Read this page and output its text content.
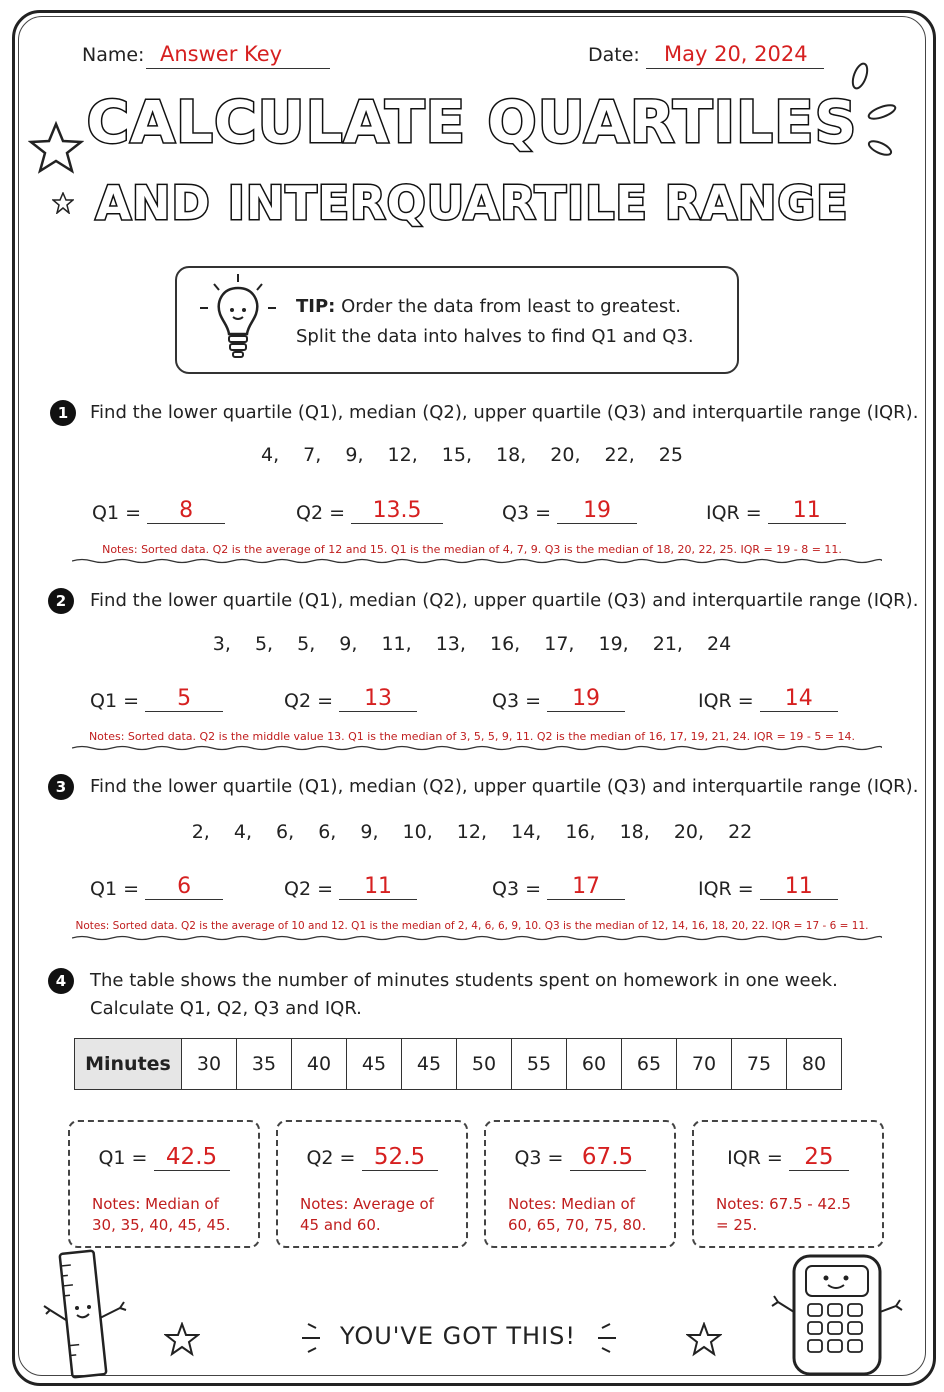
Name: Answer Key	Date:	May 20, 2024
CALCULATE QUARTILES
AND INTERQUARTILE RANGE
TIP: Order the data from least to greatest.
Split the data into halves to find Q1 and Q3.
1	Find the lower quartile (Q1), median (Q2), upper quartile (Q3) and interquartile range (IQR).
4, 7, 9, 12, 15, 18, 20, 22, 25
Q1 = 8	Q2 = 13.5	Q3 = 19	IQR = 11
Notes: Sorted data. Q2 is the average of 12 and 15. Q1 is the median of 4, 7, 9. Q3 is the median of 18, 20, 22, 25. IQR = 19 - 8 = 11.
2	Find the lower quartile (Q1), median (Q2), upper quartile (Q3) and interquartile range (IQR).
3, 5, 5, 9, 11, 13, 16, 17, 19, 21, 24
Q1 = 5	Q2 = 13	Q3 = 19	IQR = 14
Notes: Sorted data. Q2 is the middle value 13. Q1 is the median of 3, 5, 5, 9, 11. Q2 is the median of 16, 17, 19, 21, 24. IQR = 19 - 5 = 14.
3	Find the lower quartile (Q1), median (Q2), upper quartile (Q3) and interquartile range (IQR).
2, 4, 6, 6, 9, 10, 12, 14, 16, 18, 20, 22
Q1 = 6	Q2 = 11	Q3 = 17	IQR = 11
Notes: Sorted data. Q2 is the average of 10 and 12. Q1 is the median of 2, 4, 6, 6, 9, 10. Q3 is the median of 12, 14, 16, 18, 20, 22. IQR = 17 - 6 = 11.
4	The table shows the number of minutes students spent on homework in one week.
Calculate Q1, Q2, Q3 and IQR.
Minutes	30	35	40	45	45	50	55	60	65	70	75	80
Q1 = 42.5
Notes: Median of 30, 35, 40, 45, 45.
Q2 = 52.5
Notes: Average of 45 and 60.
Q3 = 67.5
Notes: Median of 60, 65, 70, 75, 80.
IQR = 25
Notes: 67.5 - 42.5 = 25.
YOU'VE GOT THIS!
